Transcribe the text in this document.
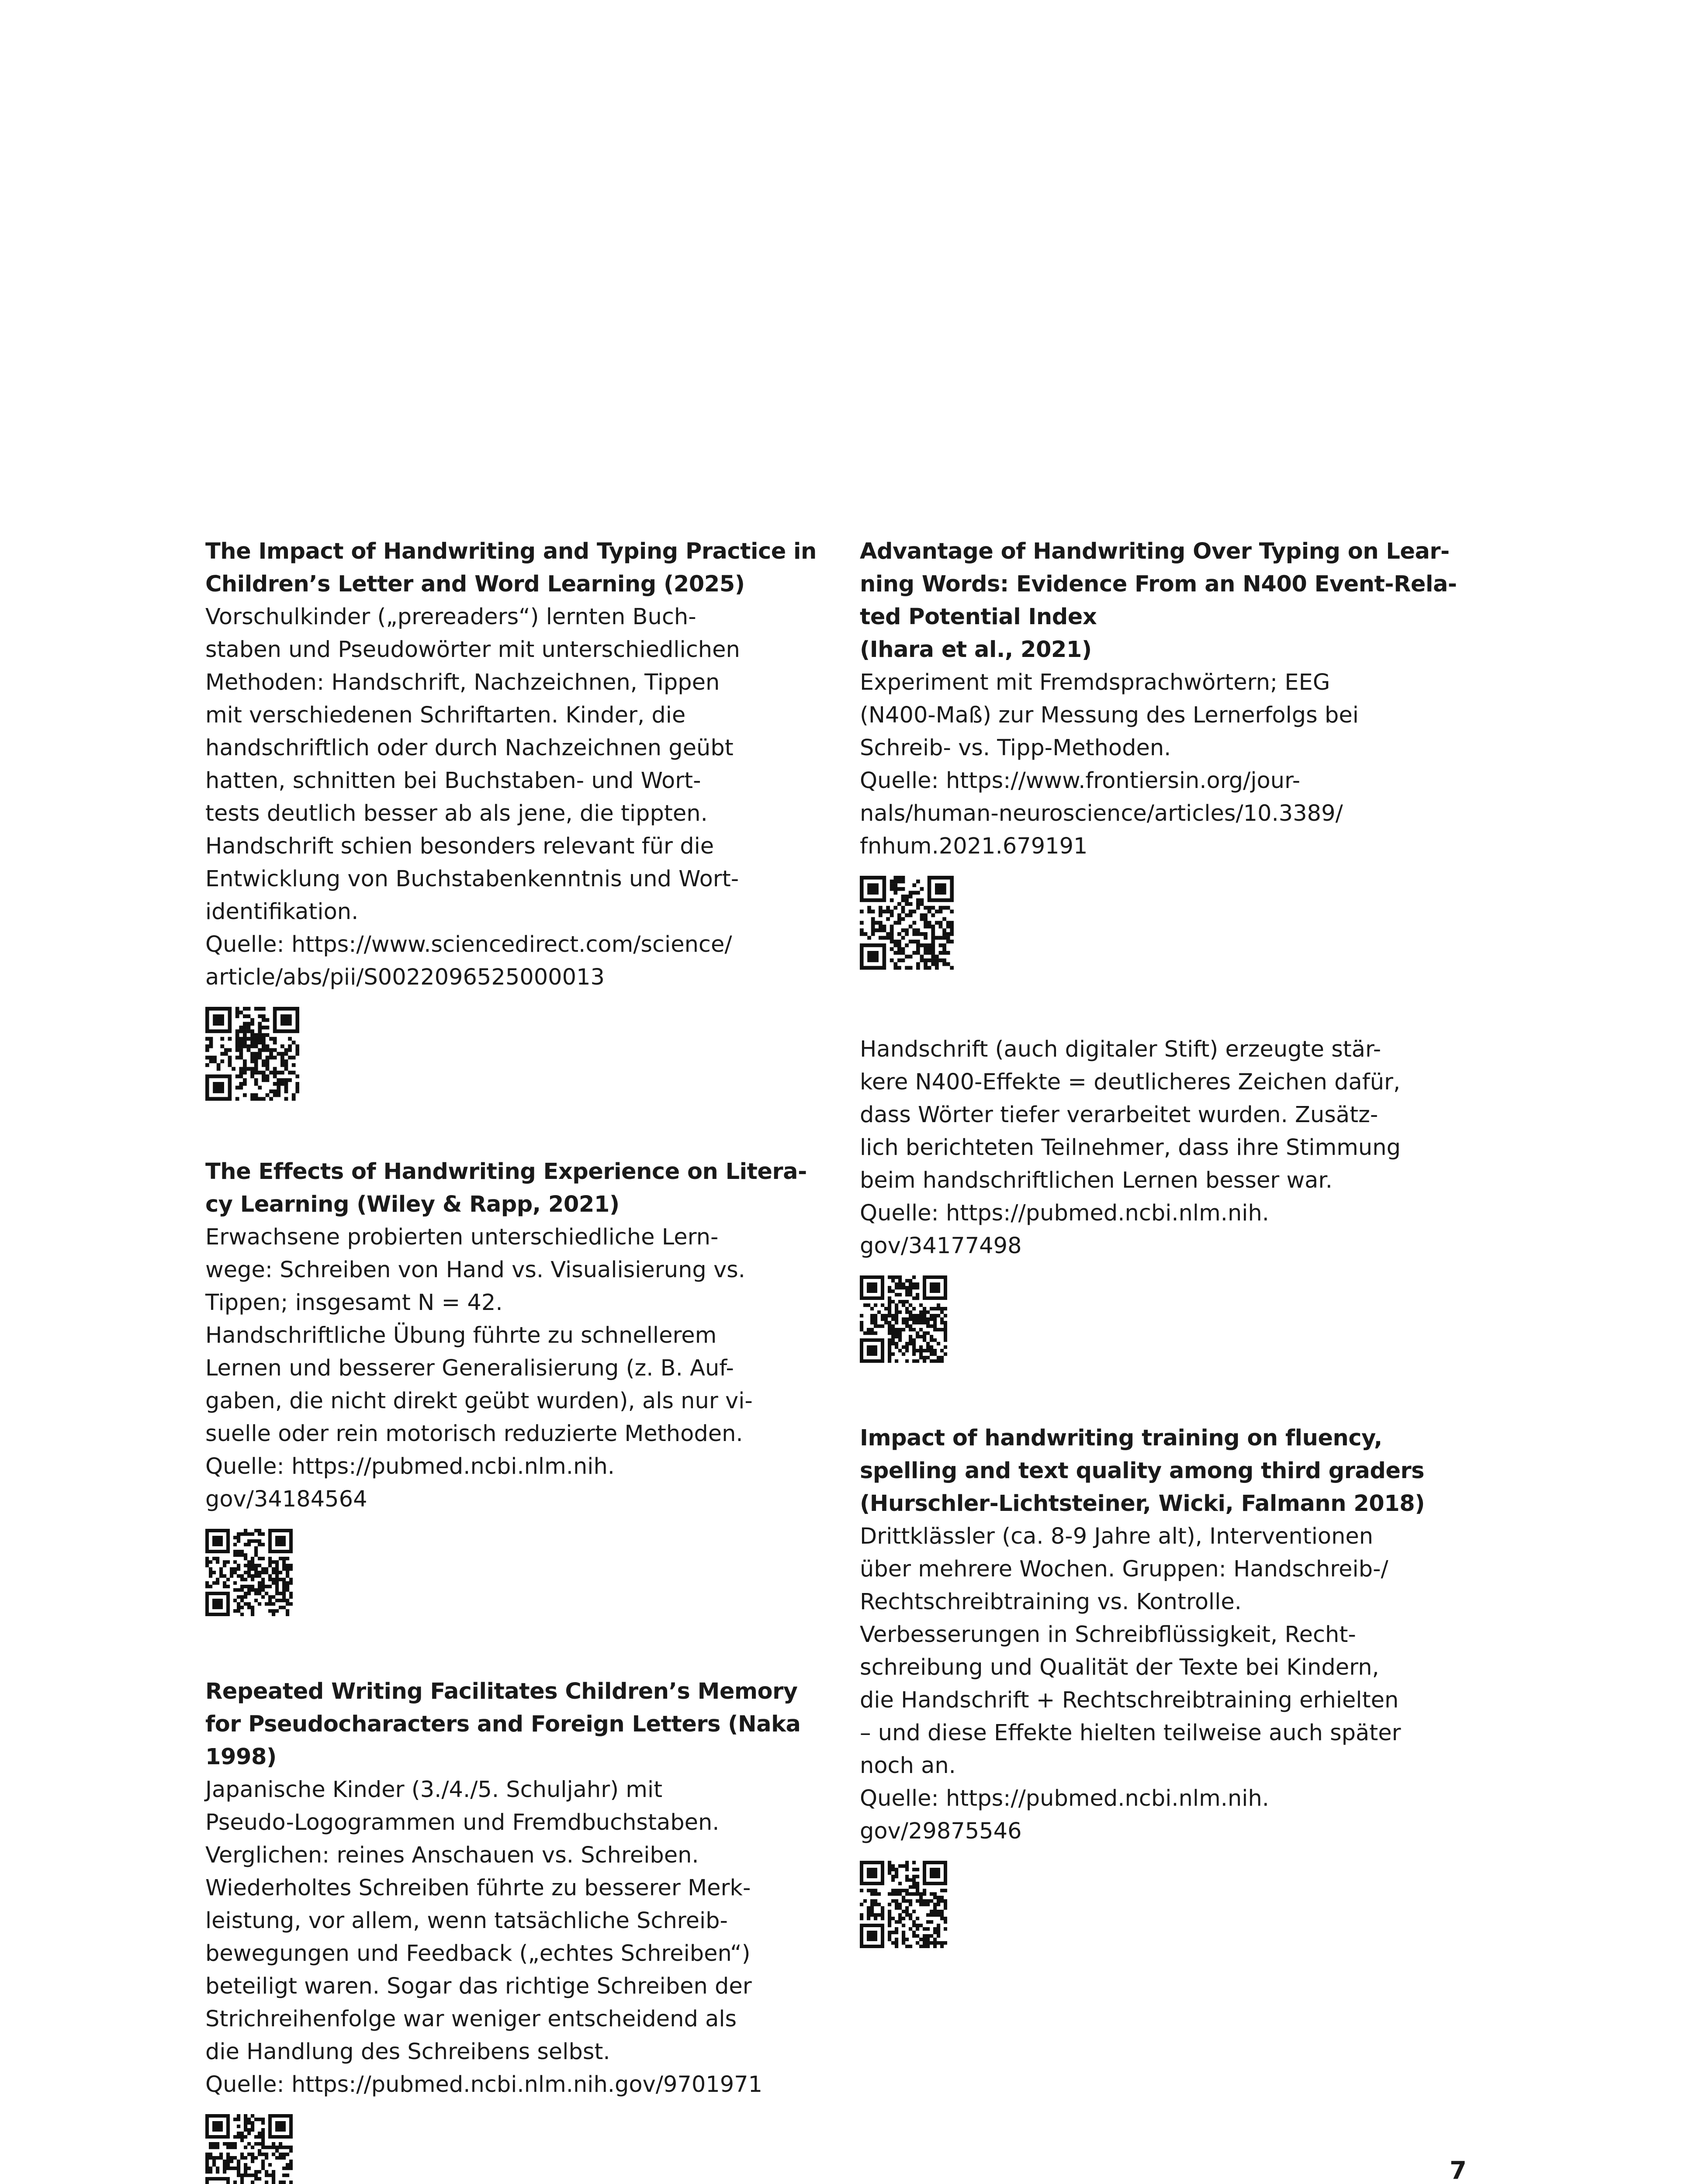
The Impact of Handwriting and Typing Practice in
Children’s Letter and Word Learning (2025)

Vorschulkinder („prereaders“) lernten Buch-
staben und Pseudowörter mit unterschiedlichen
Methoden: Handschrift, Nachzeichnen, Tippen
mit verschiedenen Schriftarten. Kinder, die
handschriftlich oder durch Nachzeichnen geübt
hatten, schnitten bei Buchstaben- und Wort-
tests deutlich besser ab als jene, die tippten.
Handschrift schien besonders relevant für die
Entwicklung von Buchstabenkenntnis und Wort-
identifikation.
Quelle: https://www.sciencedirect.com/science/
article/abs/pii/S0022096525000013

The Effects of Handwriting Experience on Litera-
cy Learning (Wiley & Rapp, 2021)

Erwachsene probierten unterschiedliche Lern-
wege: Schreiben von Hand vs. Visualisierung vs.
Tippen; insgesamt N = 42.
Handschriftliche Übung führte zu schnellerem
Lernen und besserer Generalisierung (z. B. Auf-
gaben, die nicht direkt geübt wurden), als nur vi-
suelle oder rein motorisch reduzierte Methoden.
Quelle: https://pubmed.ncbi.nlm.nih.
gov/34184564

Repeated Writing Facilitates Children’s Memory
for Pseudocharacters and Foreign Letters (Naka
1998)

Japanische Kinder (3./4./5. Schuljahr) mit
Pseudo-Logogrammen und Fremdbuchstaben.
Verglichen: reines Anschauen vs. Schreiben.
Wiederholtes Schreiben führte zu besserer Merk-
leistung, vor allem, wenn tatsächliche Schreib-
bewegungen und Feedback („echtes Schreiben“)
beteiligt waren. Sogar das richtige Schreiben der
Strichreihenfolge war weniger entscheidend als
die Handlung des Schreibens selbst.
Quelle: https://pubmed.ncbi.nlm.nih.gov/9701971

Advantage of Handwriting Over Typing on Lear-
ning Words: Evidence From an N400 Event-Rela-
ted Potential Index
(Ihara et al., 2021)

Experiment mit Fremdsprachwörtern; EEG
(N400-Maß) zur Messung des Lernerfolgs bei
Schreib- vs. Tipp-Methoden.
Quelle: https://www.frontiersin.org/jour-
nals/human-neuroscience/articles/10.3389/
fnhum.2021.679191

Handschrift (auch digitaler Stift) erzeugte stär-
kere N400-Effekte = deutlicheres Zeichen dafür,
dass Wörter tiefer verarbeitet wurden. Zusätz-
lich berichteten Teilnehmer, dass ihre Stimmung
beim handschriftlichen Lernen besser war.
Quelle: https://pubmed.ncbi.nlm.nih.
gov/34177498

Impact of handwriting training on fluency,
spelling and text quality among third graders
(Hurschler-Lichtsteiner, Wicki, Falmann 2018)

Drittklässler (ca. 8-9 Jahre alt), Interventionen
über mehrere Wochen. Gruppen: Handschreib-/
Rechtschreibtraining vs. Kontrolle.
Verbesserungen in Schreibflüssigkeit, Recht-
schreibung und Qualität der Texte bei Kindern,
die Handschrift + Rechtschreibtraining erhielten
– und diese Effekte hielten teilweise auch später
noch an.
Quelle: https://pubmed.ncbi.nlm.nih.
gov/29875546

7
